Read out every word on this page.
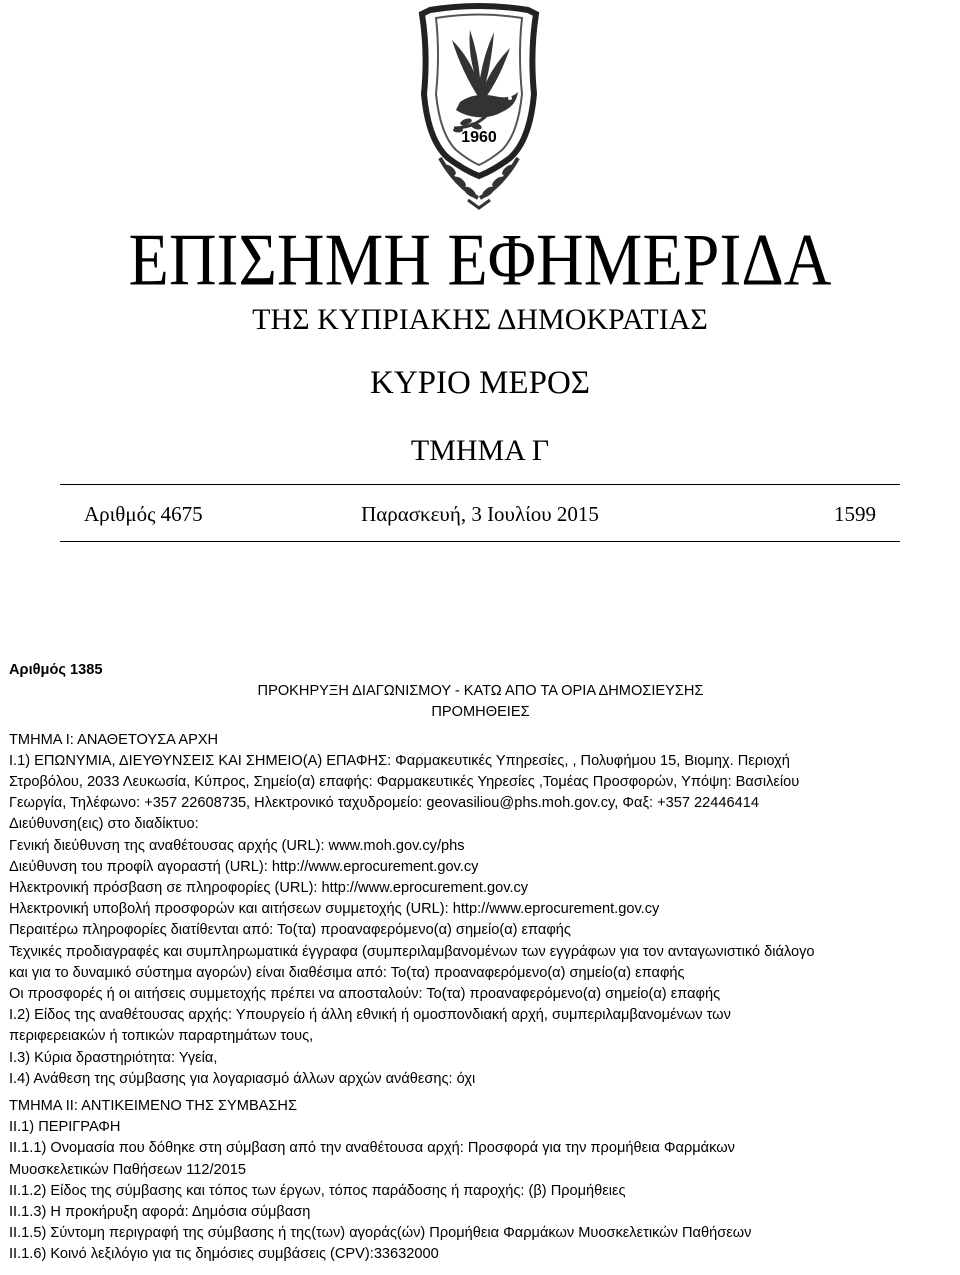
1960
ΕΠΙΣΗΜΗ ΕΦΗΜΕΡΙΔΑ
ΤΗΣ ΚΥΠΡΙΑΚΗΣ ΔΗΜΟΚΡΑΤΙΑΣ
ΚΥΡΙΟ ΜΕΡΟΣ
ΤΜΗΜΑ Γ
Παρασκευή, 3 Ιουλίου 2015
Αριθμός 4675	1599

Αριθμός 1385

ΠΡΟΚΗΡΥΞΗ ΔΙΑΓΩΝΙΣΜΟΥ - ΚΑΤΩ ΑΠΟ ΤΑ ΟΡΙΑ ΔΗΜΟΣΙΕΥΣΗΣ

ΠΡΟΜΗΘΕΙΕΣ

ΤΜΗΜΑ Ι: ΑΝΑΘΕΤΟΥΣΑ ΑΡΧΗ

Ι.1) ΕΠΩΝΥΜΙΑ, ΔΙΕΥΘΥΝΣΕΙΣ ΚΑΙ ΣΗΜΕΙΟ(Α) ΕΠΑΦΗΣ: Φαρμακευτικές Υπηρεσίες, , Πολυφήμου 15, Βιομηχ. Περιοχή

Στροβόλου, 2033 Λευκωσία, Κύπρος, Σημείο(α) επαφής: Φαρμακευτικές Υηρεσίες ,Τομέας Προσφορών, Υπόψη: Βασιλείου

Γεωργία, Τηλέφωνο: +357 22608735, Ηλεκτρονικό ταχυδρομείο: geovasiliou@phs.moh.gov.cy, Φαξ: +357 22446414

Διεύθυνση(εις) στο διαδίκτυο:

Γενική διεύθυνση της αναθέτουσας αρχής (URL): www.moh.gov.cy/phs

Διεύθυνση του προφίλ αγοραστή (URL): http://www.eprocurement.gov.cy

Ηλεκτρονική πρόσβαση σε πληροφορίες (URL): http://www.eprocurement.gov.cy

Ηλεκτρονική υποβολή προσφορών και αιτήσεων συμμετοχής (URL): http://www.eprocurement.gov.cy

Περαιτέρω πληροφορίες διατίθενται από: Το(τα) προαναφερόμενο(α) σημείο(α) επαφής

Τεχνικές προδιαγραφές και συμπληρωματικά έγγραφα (συμπεριλαμβανομένων των εγγράφων για τον ανταγωνιστικό διάλογο

και για το δυναμικό σύστημα αγορών) είναι διαθέσιμα από: Το(τα) προαναφερόμενο(α) σημείο(α) επαφής

Οι προσφορές ή οι αιτήσεις συμμετοχής πρέπει να αποσταλούν: Το(τα) προαναφερόμενο(α) σημείο(α) επαφής

Ι.2) Είδος της αναθέτουσας αρχής: Υπουργείο ή άλλη εθνική ή ομοσπονδιακή αρχή, συμπεριλαμβανομένων των

περιφερειακών ή τοπικών παραρτημάτων τους,

Ι.3) Κύρια δραστηριότητα: Υγεία,

Ι.4) Ανάθεση της σύμβασης για λογαριασμό άλλων αρχών ανάθεσης: όχι

ΤΜΗΜΑ ΙΙ: ΑΝΤΙΚΕΙΜΕΝΟ ΤΗΣ ΣΥΜΒΑΣΗΣ

ΙΙ.1) ΠΕΡΙΓΡΑΦΗ

ΙΙ.1.1) Ονομασία που δόθηκε στη σύμβαση από την αναθέτουσα αρχή: Προσφορά για την προμήθεια Φαρμάκων

Μυοσκελετικών Παθήσεων 112/2015

ΙΙ.1.2) Είδος της σύμβασης και τόπος των έργων, τόπος παράδοσης ή παροχής: (β) Προμήθειες

ΙΙ.1.3) Η προκήρυξη αφορά: Δημόσια σύμβαση

ΙΙ.1.5) Σύντομη περιγραφή της σύμβασης ή της(των) αγοράς(ών) Προμήθεια Φαρμάκων Μυοσκελετικών Παθήσεων

ΙΙ.1.6) Κοινό λεξιλόγιο για τις δημόσιες συμβάσεις (CPV):33632000
